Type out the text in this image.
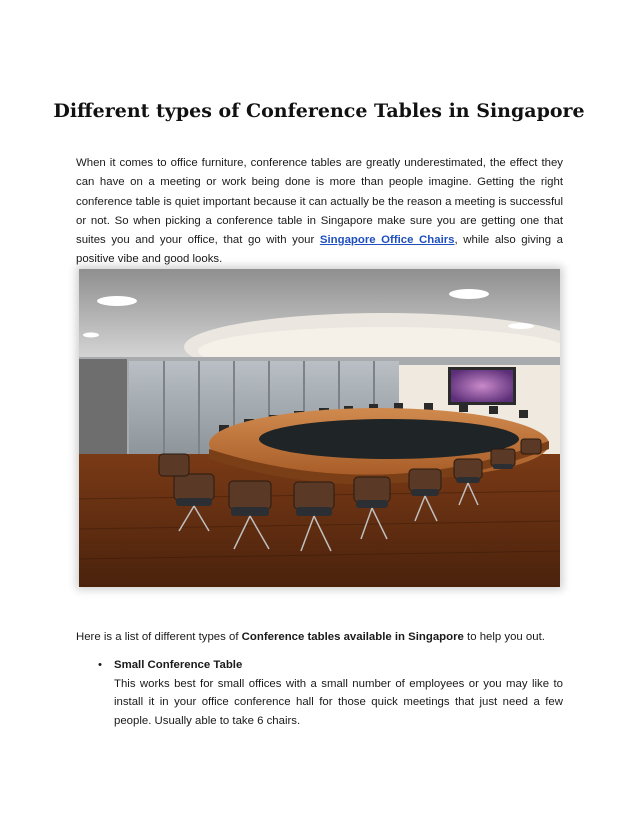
Different types of Conference Tables in Singapore

When it comes to office furniture, conference tables are greatly underestimated, the effect they can have on a meeting or work being done is more than people imagine. Getting the right conference table is quiet important because it can actually be the reason a meeting is successful or not. So when picking a conference table in Singapore make sure you are getting one that suites you and your office, that go with your Singapore Office Chairs, while also giving a positive vibe and good looks.

Here is a list of different types of Conference tables available in Singapore to help you out.

• Small Conference Table
This works best for small offices with a small number of employees or you may like to install it in your office conference hall for those quick meetings that just need a few people. Usually able to take 6 chairs.
